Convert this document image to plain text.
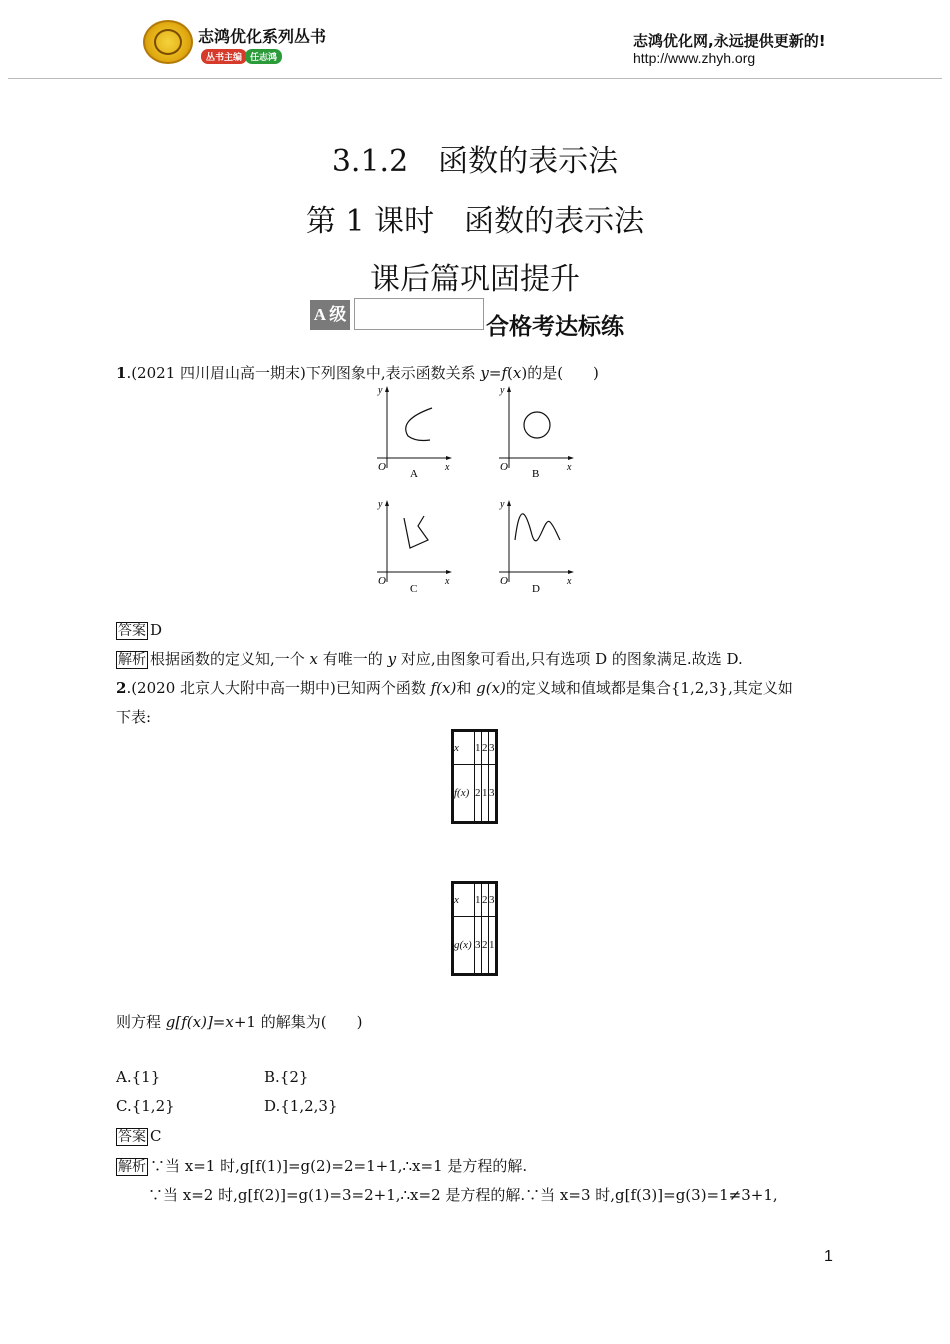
志鸿优化系列丛书
丛书主编 任志鸿
志鸿优化网,永远提供更新的!
http://www.zhyh.org
3.1.2　函数的表示法
第 1 课时　函数的表示法
课后篇巩固提升
A 级	合格考达标练
1.(2021 四川眉山高一期末)下列图象中,表示函数关系 y=f(x)的是(　　)
y
x
O
A
y
x
O
B
y
x
O
C
y
x
O
D
答案 D
解析 根据函数的定义知,一个 x 有唯一的 y 对应,由图象可看出,只有选项 D 的图象满足.故选 D.
2.(2020 北京人大附中高一期中)已知两个函数 f(x)和 g(x)的定义域和值域都是集合{1,2,3},其定义如
下表:
x	1	2	3
f(x)	2	1	3
x	1	2	3
g(x)	3	2	1
则方程 g[f(x)]=x+1 的解集为(　　)
A.{1}	B.{2}
C.{1,2}	D.{1,2,3}
答案 C
解析 ∵当 x=1 时,g[f(1)]=g(2)=2=1+1,∴x=1 是方程的解.
∵当 x=2 时,g[f(2)]=g(1)=3=2+1,∴x=2 是方程的解.∵当 x=3 时,g[f(3)]=g(3)=1≠3+1,
1
